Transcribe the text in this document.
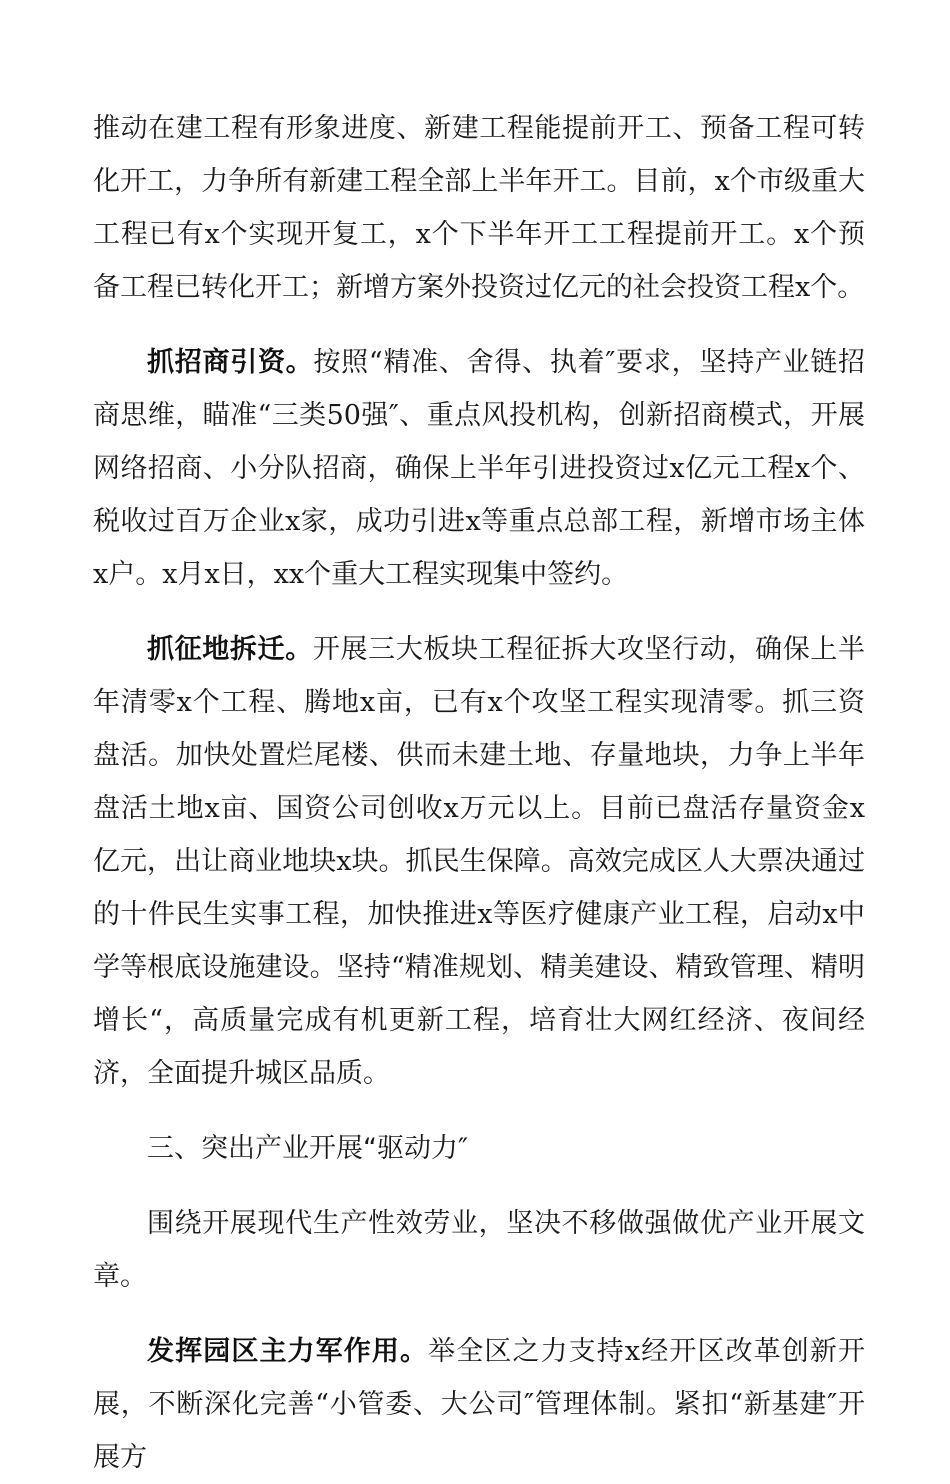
推动在建工程有形象进度、新建工程能提前开工、预备工程可转化开工，力争所有新建工程全部上半年开工。目前，x个市级重大工程已有x个实现开复工，x个下半年开工工程提前开工。x个预备工程已转化开工；新增方案外投资过亿元的社会投资工程x个。

抓招商引资。按照“精准、舍得、执着″要求，坚持产业链招商思维，瞄准“三类50强″、重点风投机构，创新招商模式，开展网络招商、小分队招商，确保上半年引进投资过x亿元工程x个、税收过百万企业x家，成功引进x等重点总部工程，新增市场主体x户。x月x日，xx个重大工程实现集中签约。

抓征地拆迁。开展三大板块工程征拆大攻坚行动，确保上半年清零x个工程、腾地x亩，已有x个攻坚工程实现清零。抓三资盘活。加快处置烂尾楼、供而未建土地、存量地块，力争上半年盘活土地x亩、国资公司创收x万元以上。目前已盘活存量资金x亿元，出让商业地块x块。抓民生保障。高效完成区人大票决通过的十件民生实事工程，加快推进x等医疗健康产业工程，启动x中学等根底设施建设。坚持“精准规划、精美建设、精致管理、精明增长“，高质量完成有机更新工程，培育壮大网红经济、夜间经济，全面提升城区品质。

三、突出产业开展“驱动力″

围绕开展现代生产性效劳业，坚决不移做强做优产业开展文章。

发挥园区主力军作用。举全区之力支持x经开区改革创新开展，不断深化完善“小管委、大公司″管理体制。紧扣“新基建″开展方
